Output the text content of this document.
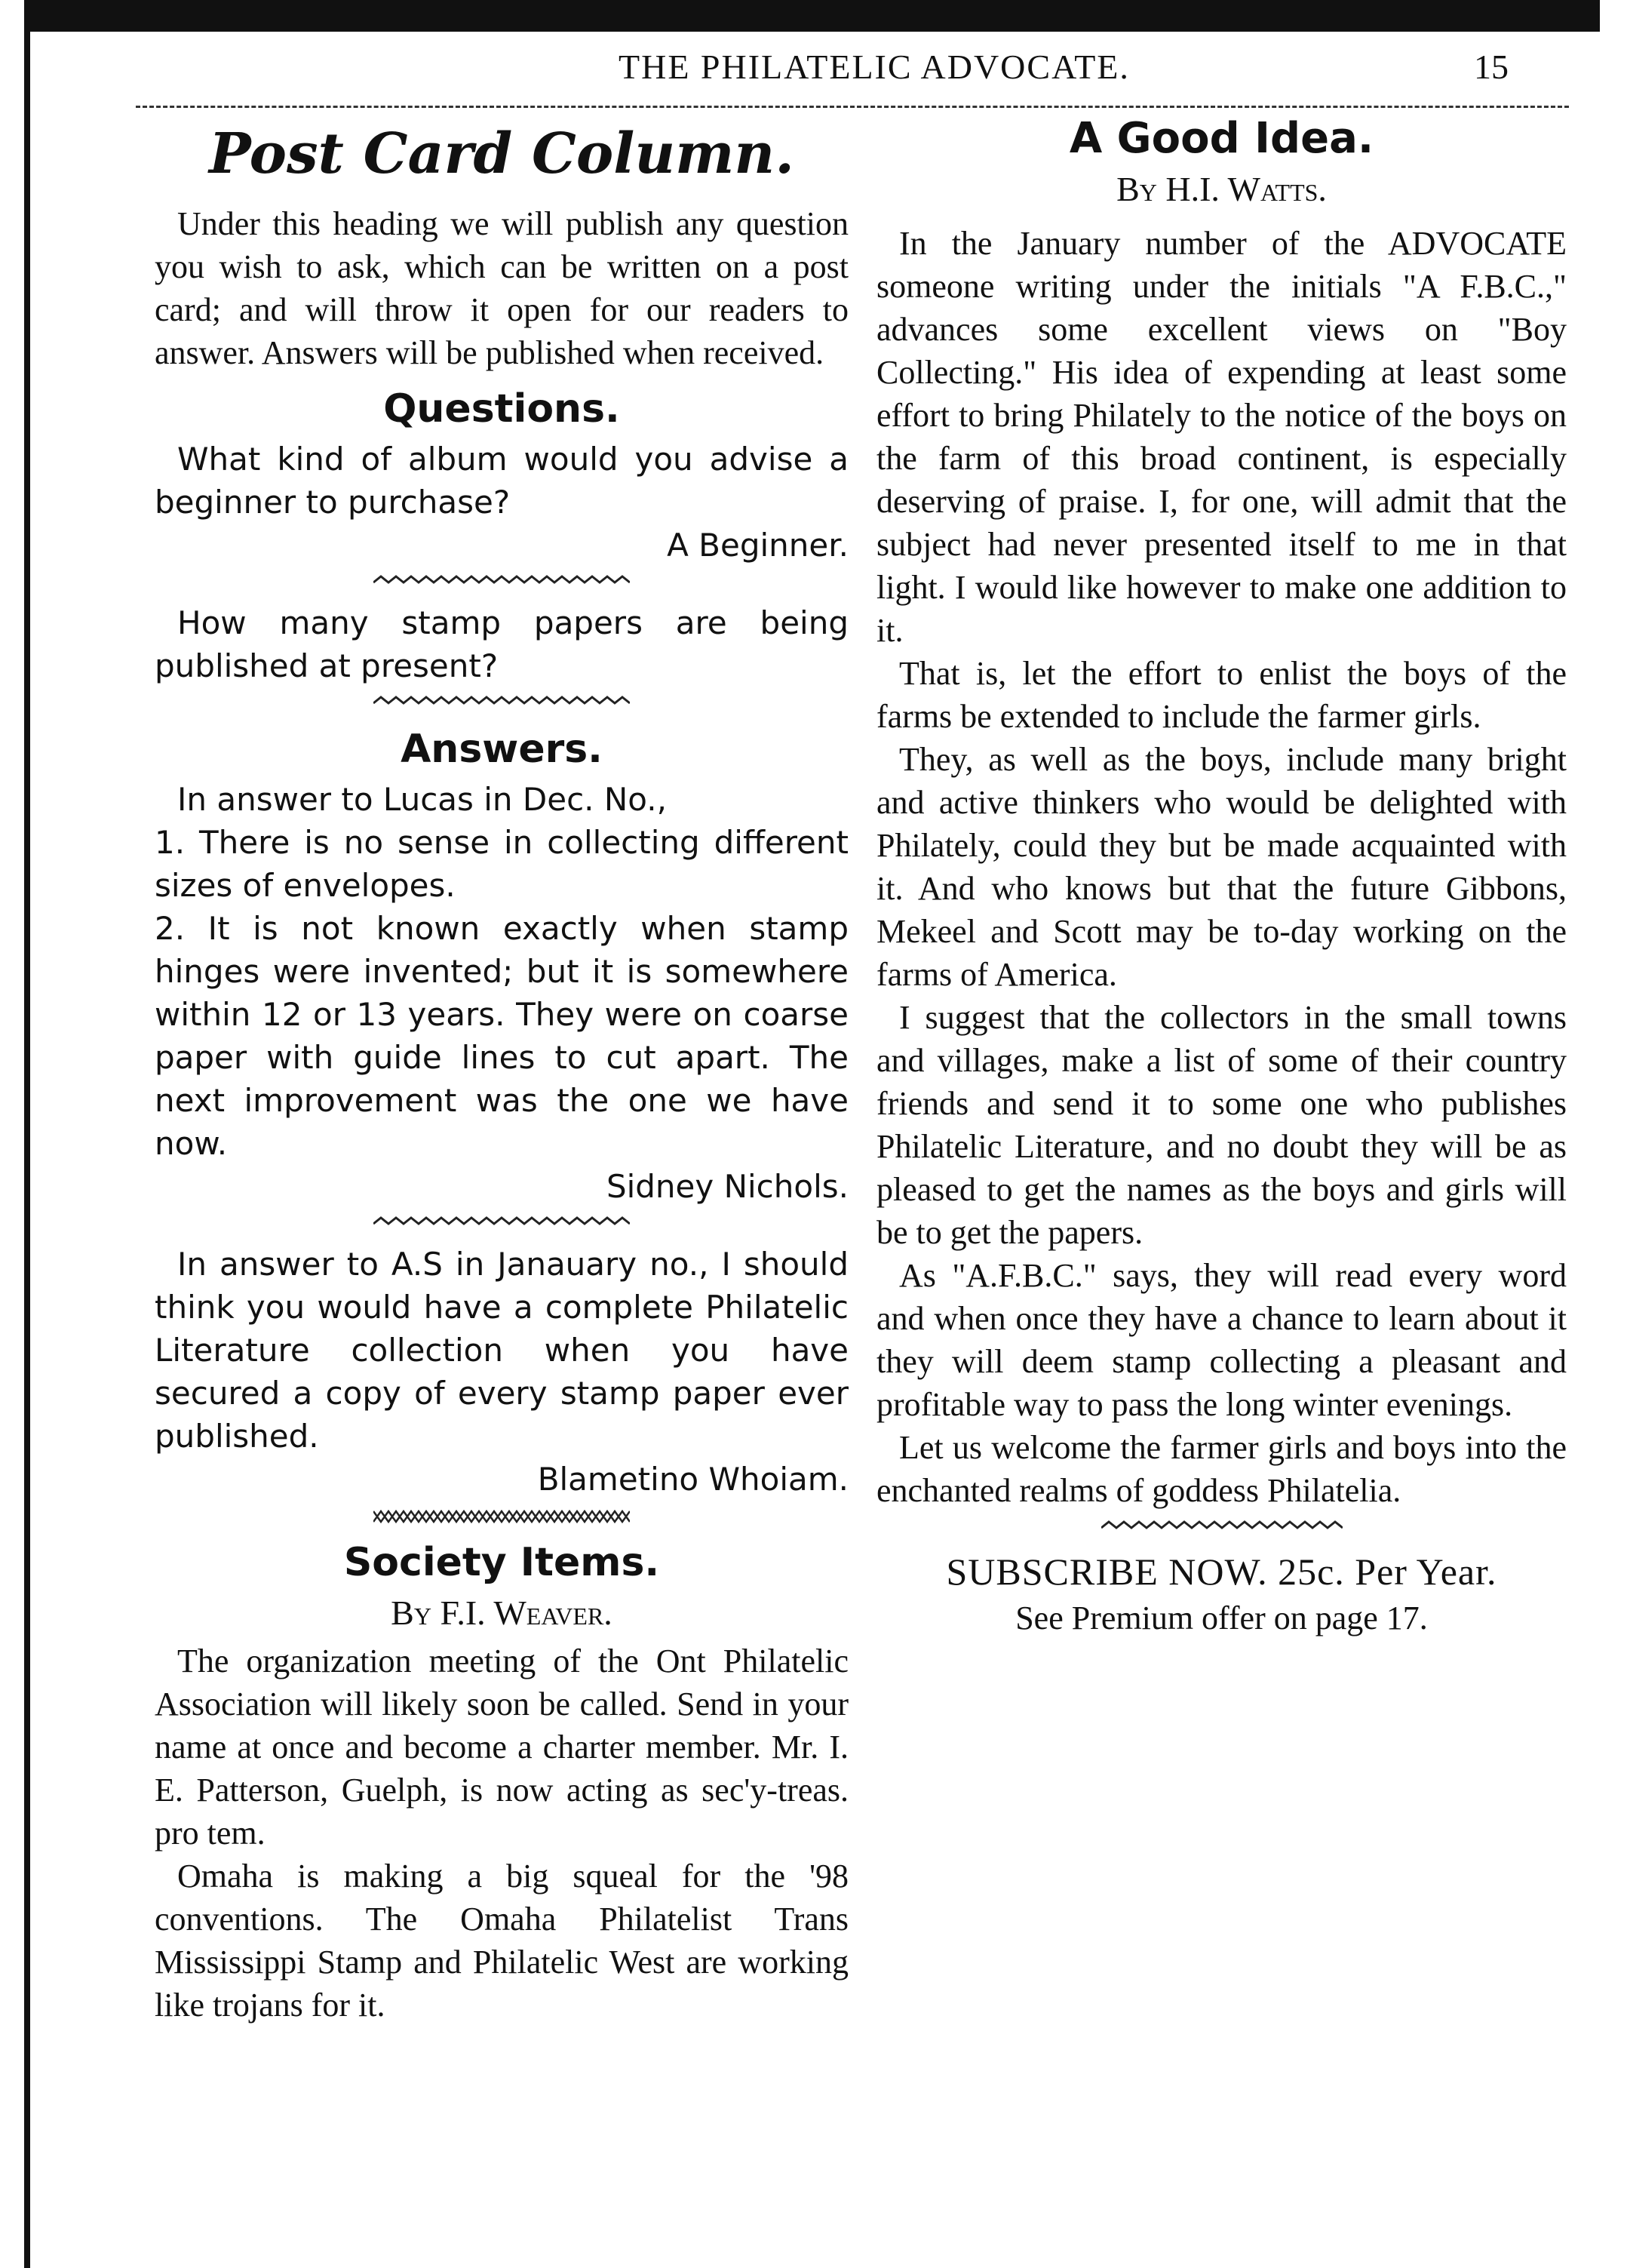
THE PHILATELIC ADVOCATE.	15
Post Card Column.

Under this heading we will publish any question you wish to ask, which can be written on a post card; and will throw it open for our readers to answer. Answers will be published when received.

Questions.

What kind of album would you advise a beginner to purchase?

A Beginner.

How many stamp papers are being published at present?

Answers.

In answer to Lucas in Dec. No.,

1. There is no sense in collecting different sizes of envelopes.

2. It is not known exactly when stamp hinges were invented; but it is somewhere within 12 or 13 years. They were on coarse paper with guide lines to cut apart. The next improvement was the one we have now.

Sidney Nichols.

In answer to A.S in Janauary no., I should think you would have a complete Philatelic Literature collection when you have secured a copy of every stamp paper ever published.

Blametino Whoiam.

Society Items.
By F.I. Weaver.

The organization meeting of the Ont Philatelic Association will likely soon be called. Send in your name at once and become a charter member. Mr. I. E. Patterson, Guelph, is now acting as sec'y-treas. pro tem.

Omaha is making a big squeal for the '98 conventions. The Omaha Philatelist Trans Mississippi Stamp and Philatelic West are working like trojans for it.

A Good Idea.
By H.I. Watts.

In the January number of the ADVOCATE someone writing under the initials "A F.B.C.," advances some excellent views on "Boy Collecting." His idea of expending at least some effort to bring Philately to the notice of the boys on the farm of this broad continent, is especially deserving of praise. I, for one, will admit that the subject had never presented itself to me in that light. I would like however to make one addition to it.

That is, let the effort to enlist the boys of the farms be extended to include the farmer girls.

They, as well as the boys, include many bright and active thinkers who would be delighted with Philately, could they but be made acquainted with it. And who knows but that the future Gibbons, Mekeel and Scott may be to-day working on the farms of America.

I suggest that the collectors in the small towns and villages, make a list of some of their country friends and send it to some one who publishes Philatelic Literature, and no doubt they will be as pleased to get the names as the boys and girls will be to get the papers.

As "A.F.B.C." says, they will read every word and when once they have a chance to learn about it they will deem stamp collecting a pleasant and profitable way to pass the long winter evenings.

Let us welcome the farmer girls and boys into the enchanted realms of goddess Philatelia.

SUBSCRIBE NOW. 25c. Per Year.
See Premium offer on page 17.
